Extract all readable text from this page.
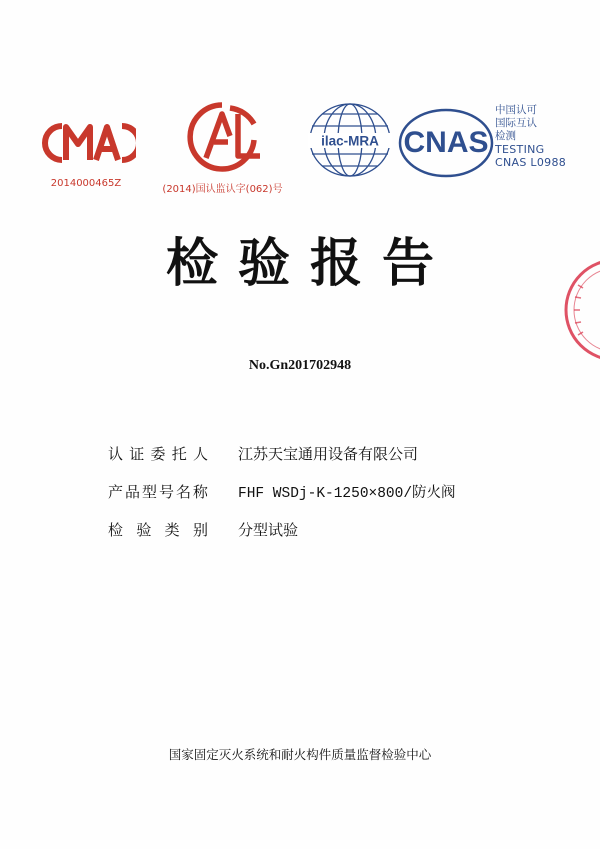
2014000465Z
(2014)国认监认字(062)号
ilac-MRA CNAS
中国认可
国际互认
检测
TESTING
CNAS L0988
检验报告
No.Gn201702948
认 证 委 托 人 江苏天宝通用设备有限公司
产 品 型 号 名 称 FHF WSDj-K-1250×800/防火阀
检 验 类 别 分型试验
国家固定灭火系统和耐火构件质量监督检验中心
